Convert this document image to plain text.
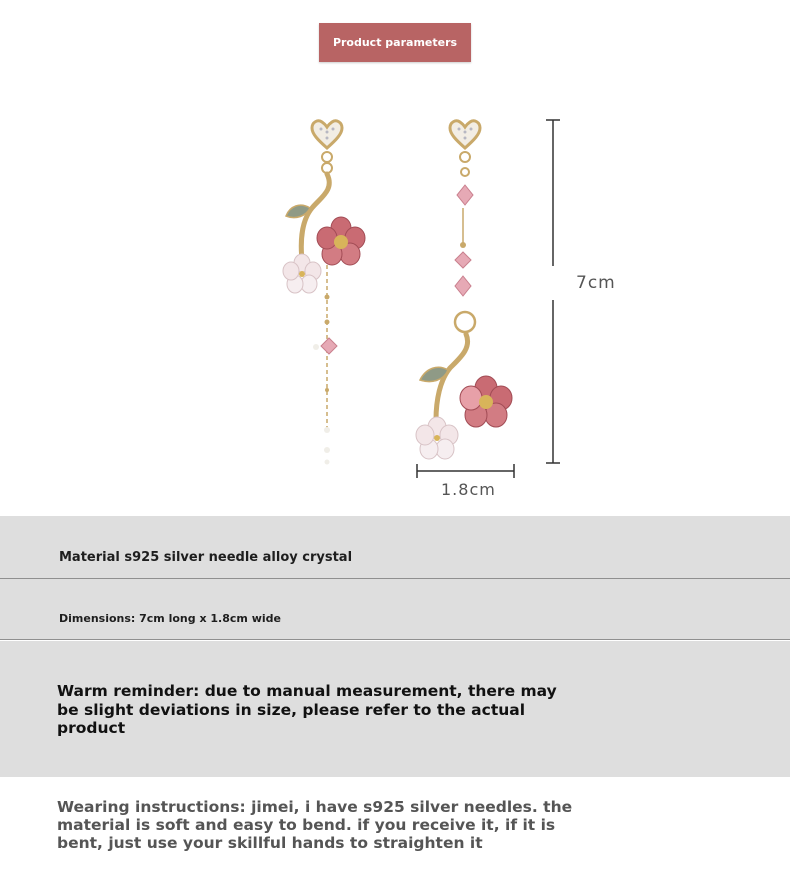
Product parameters
7cm
1.8cm
Material s925 silver needle alloy crystal
Dimensions: 7cm long x 1.8cm wide
Warm reminder: due to manual measurement, there may be slight deviations in size, please refer to the actual product
Wearing instructions: jimei, i have s925 silver needles. the material is soft and easy to bend. if you receive it, if it is bent, just use your skillful hands to straighten it
